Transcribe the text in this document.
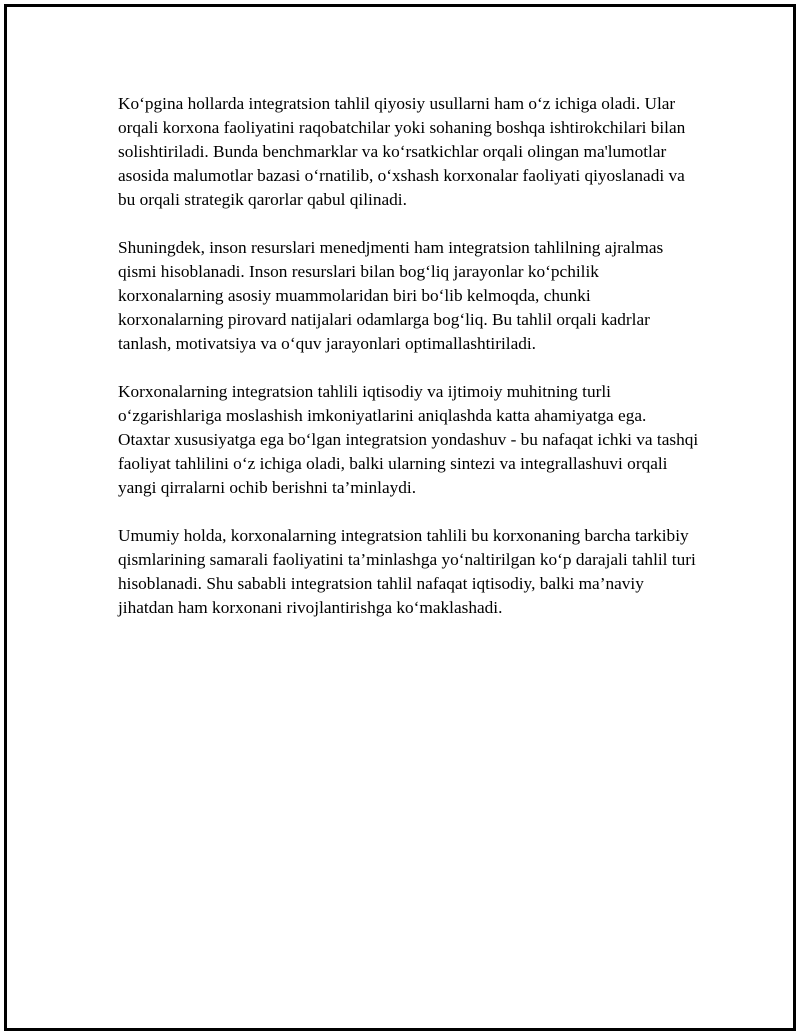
Ko‘pgina hollarda integratsion tahlil qiyosiy usullarni ham o‘z ichiga oladi. Ular orqali korxona faoliyatini raqobatchilar yoki sohaning boshqa ishtirokchilari bilan solishtiriladi. Bunda benchmarklar va ko‘rsatkichlar orqali olingan ma'lumotlar asosida malumotlar bazasi o‘rnatilib, o‘xshash korxonalar faoliyati qiyoslanadi va bu orqali strategik qarorlar qabul qilinadi.

Shuningdek, inson resurslari menedjmenti ham integratsion tahlilning ajralmas qismi hisoblanadi. Inson resurslari bilan bog‘liq jarayonlar ko‘pchilik korxonalarning asosiy muammolaridan biri bo‘lib kelmoqda, chunki korxonalarning pirovard natijalari odamlarga bog‘liq. Bu tahlil orqali kadrlar tanlash, motivatsiya va o‘quv jarayonlari optimallashtiriladi.

Korxonalarning integratsion tahlili iqtisodiy va ijtimoiy muhitning turli o‘zgarishlariga moslashish imkoniyatlarini aniqlashda katta ahamiyatga ega. Otaxtar xususiyatga ega bo‘lgan integratsion yondashuv - bu nafaqat ichki va tashqi faoliyat tahlilini o‘z ichiga oladi, balki ularning sintezi va integrallashuvi orqali yangi qirralarni ochib berishni ta’minlaydi.

Umumiy holda, korxonalarning integratsion tahlili bu korxonaning barcha tarkibiy qismlarining samarali faoliyatini ta’minlashga yo‘naltirilgan ko‘p darajali tahlil turi hisoblanadi. Shu sababli integratsion tahlil nafaqat iqtisodiy, balki ma’naviy jihatdan ham korxonani rivojlantirishga ko‘maklashadi.
